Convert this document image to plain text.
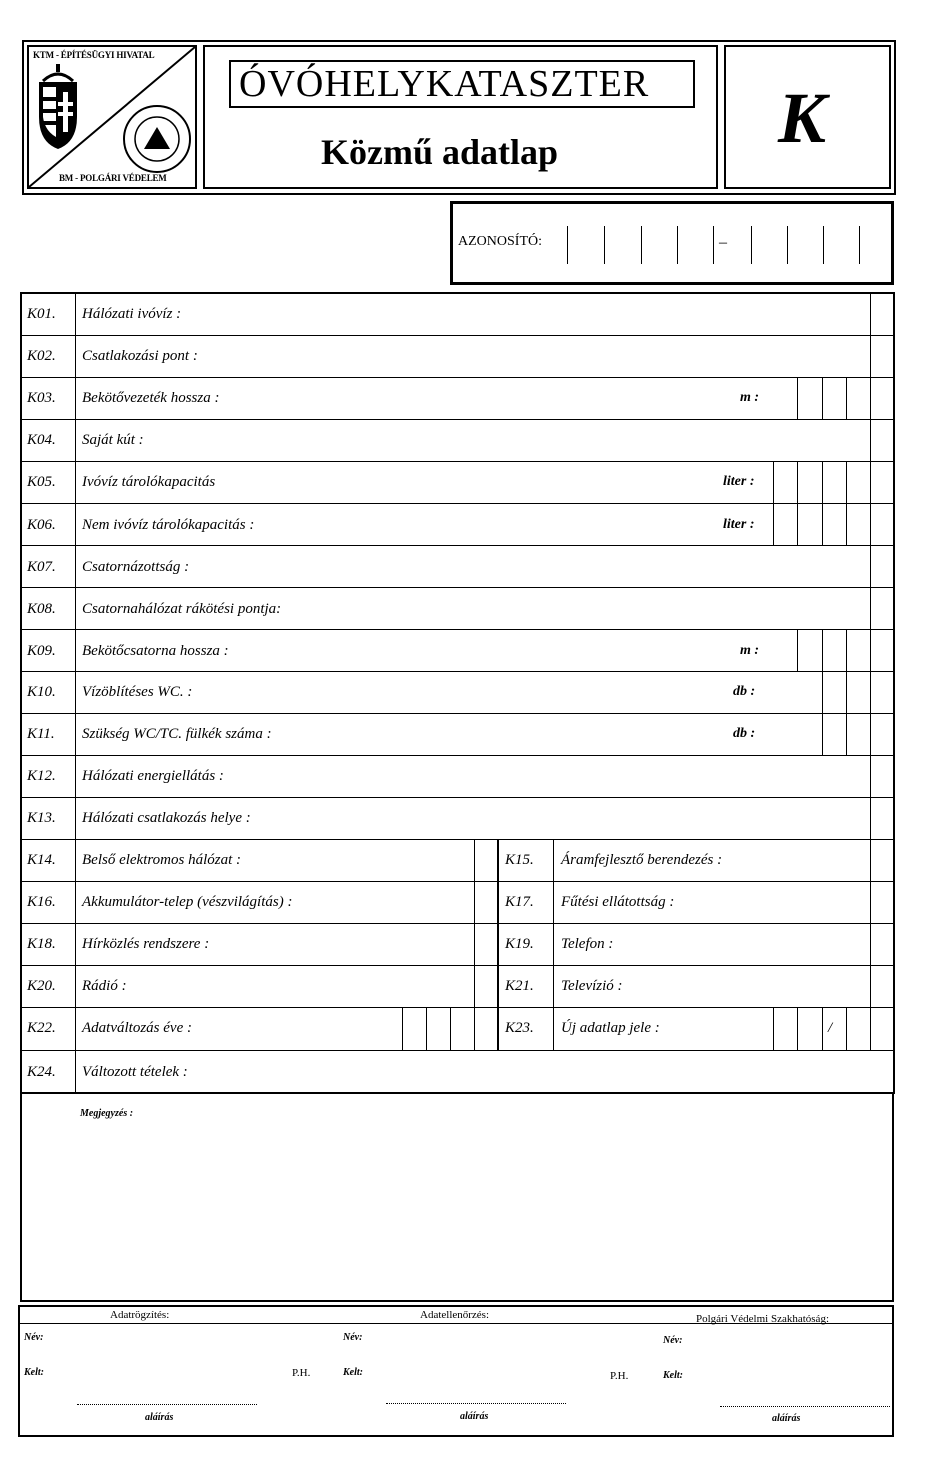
KTM - ÉPÍTÉSÜGYI HIVATAL
BM - POLGÁRI VÉDELEM
ÓVÓHELYKATASZTER
Közmű adatlap	K
AZONOSÍTÓ:	–
K01. Hálózati ivóvíz :
K02. Csatlakozási pont :
K03. Bekötővezeték hossza :	m :
K04. Saját kút :
K05. Ivóvíz tárolókapacitás	liter :
K06. Nem ivóvíz tárolókapacitás :	liter :
K07. Csatornázottság :
K08. Csatornahálózat rákötési pontja:
K09. Bekötőcsatorna hossza :	m :
K10. Vízöblítéses WC. :	db :
K11. Szükség WC/TC. fülkék száma :	db :
K12. Hálózati energiellátás :
K13. Hálózati csatlakozás helye :
K14. Belső elektromos hálózat :	K15. Áramfejlesztő berendezés :
K16. Akkumulátor-telep (vészvilágítás) :	K17. Fűtési ellátottság :
K18. Hírközlés rendszere :	K19. Telefon :
K20. Rádió :	K21. Televízió :
K22. Adatváltozás éve :	K23. Új adatlap jele :	/
K24. Változott tételek :
Megjegyzés :
Adatrögzítés:	Adatellenőrzés:	Polgári Védelmi Szakhatóság:
Név:	Név:	Név:
Kelt:	P.H.	Kelt:	P.H.	Kelt:
aláírás	aláírás	aláírás
